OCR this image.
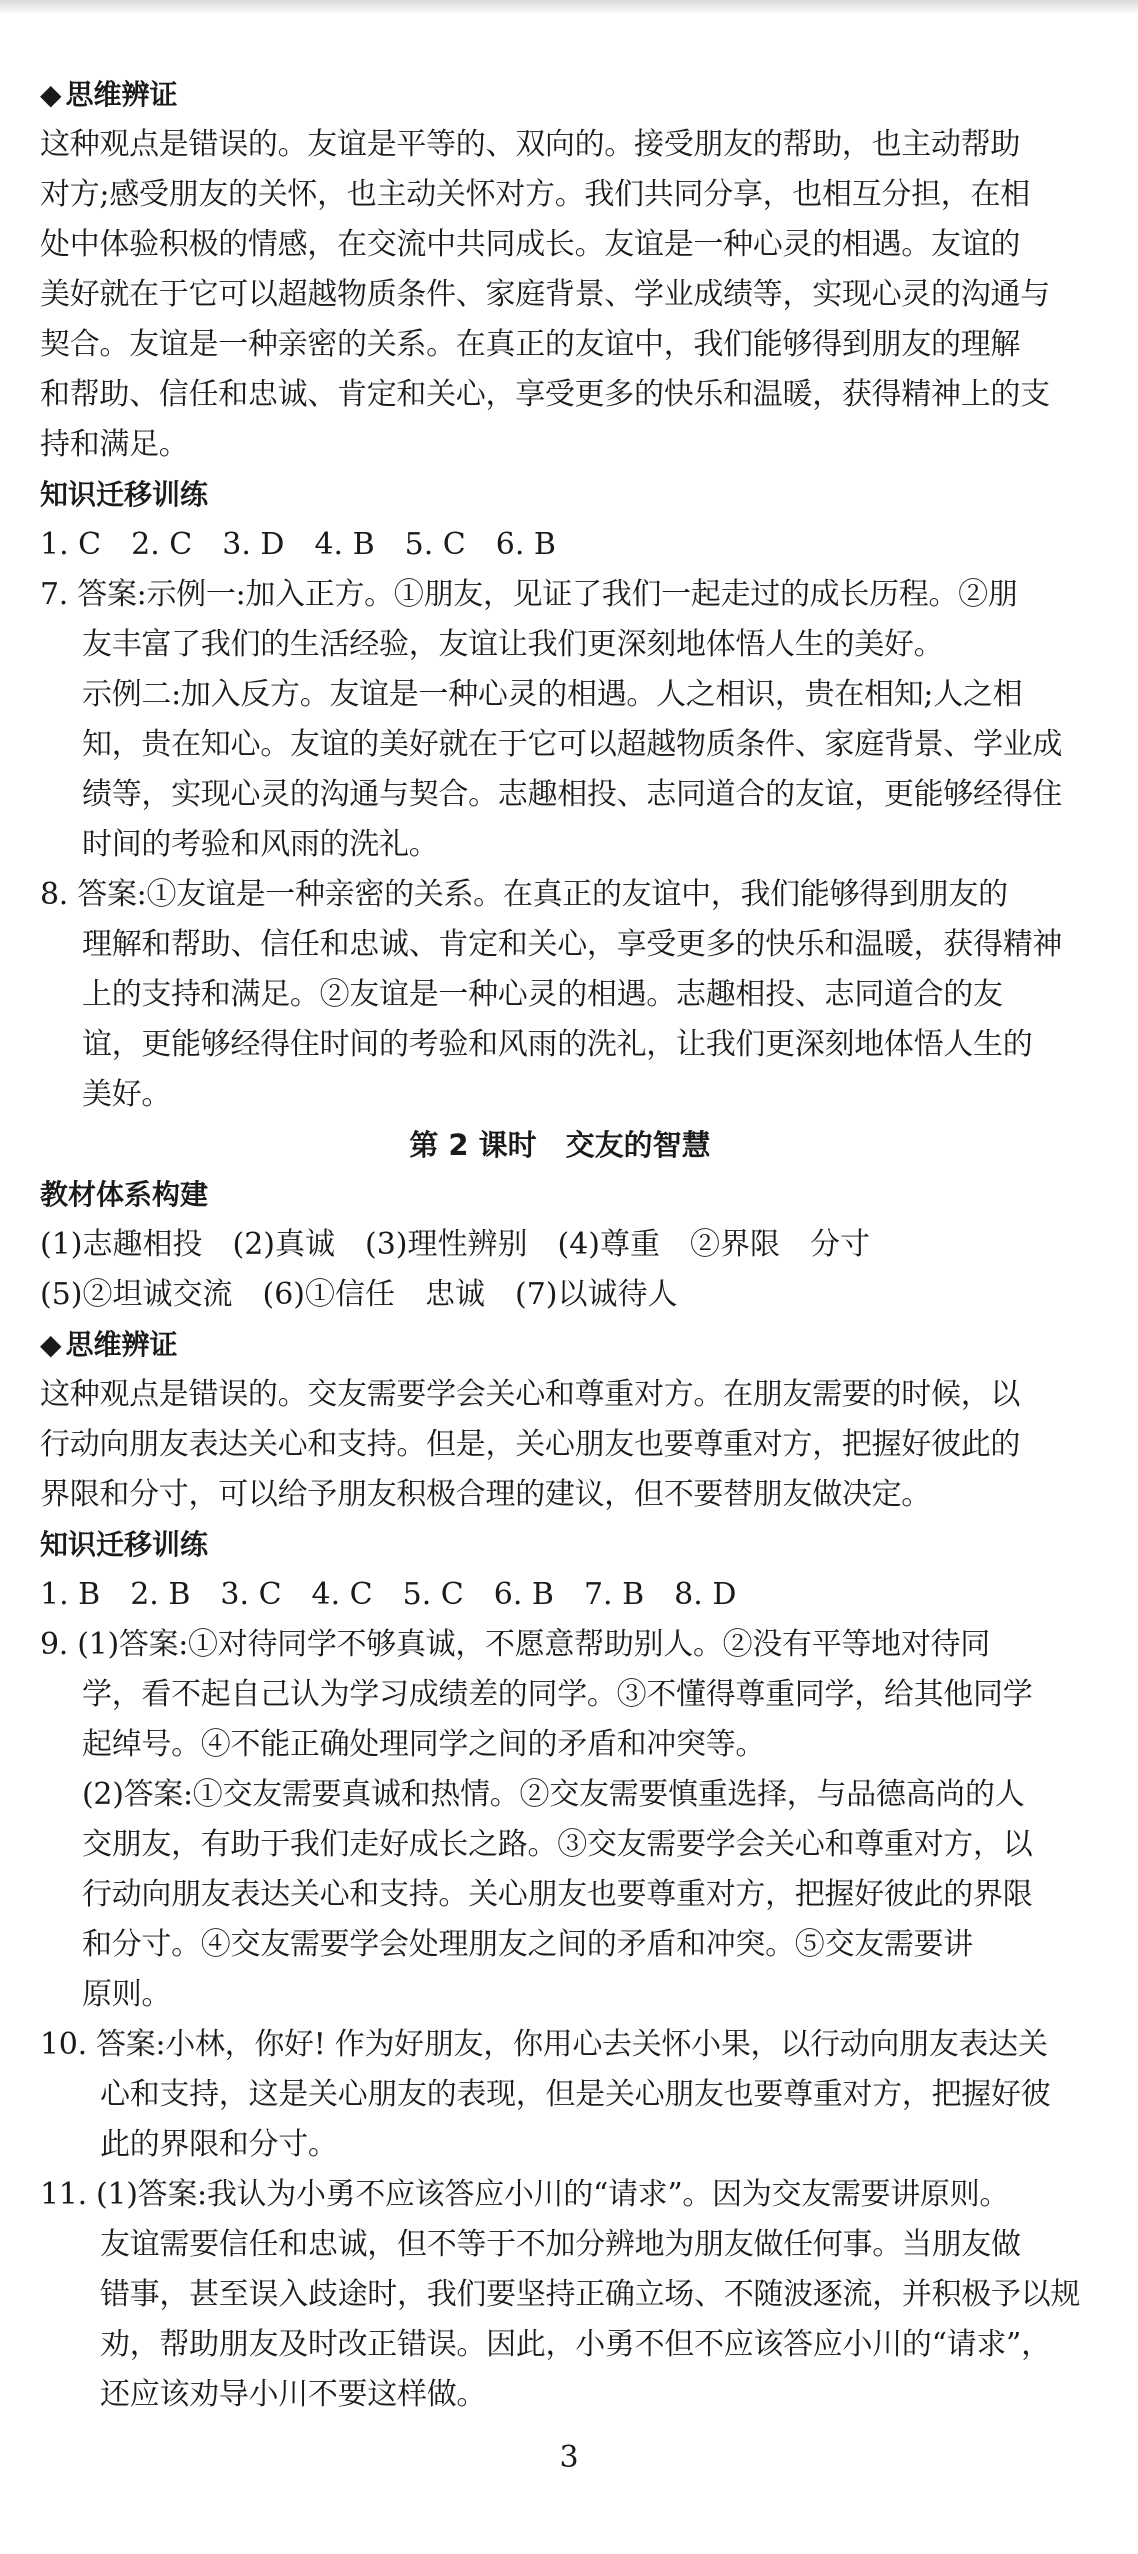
◆ 思维辨证
这种观点是错误的。友谊是平等的、双向的。接受朋友的帮助，也主动帮助
对方;感受朋友的关怀，也主动关怀对方。我们共同分享，也相互分担，在相
处中体验积极的情感，在交流中共同成长。友谊是一种心灵的相遇。友谊的
美好就在于它可以超越物质条件、家庭背景、学业成绩等，实现心灵的沟通与
契合。友谊是一种亲密的关系。在真正的友谊中，我们能够得到朋友的理解
和帮助、信任和忠诚、肯定和关心，享受更多的快乐和温暖，获得精神上的支
持和满足。
知识迁移训练
1. C　2. C　3. D　4. B　5. C　6. B
7. 答案:示例一:加入正方。①朋友，见证了我们一起走过的成长历程。②朋
友丰富了我们的生活经验，友谊让我们更深刻地体悟人生的美好。
示例二:加入反方。友谊是一种心灵的相遇。人之相识，贵在相知;人之相
知，贵在知心。友谊的美好就在于它可以超越物质条件、家庭背景、学业成
绩等，实现心灵的沟通与契合。志趣相投、志同道合的友谊，更能够经得住
时间的考验和风雨的洗礼。
8. 答案:①友谊是一种亲密的关系。在真正的友谊中，我们能够得到朋友的
理解和帮助、信任和忠诚、肯定和关心，享受更多的快乐和温暖，获得精神
上的支持和满足。②友谊是一种心灵的相遇。志趣相投、志同道合的友
谊，更能够经得住时间的考验和风雨的洗礼，让我们更深刻地体悟人生的
美好。
第 2 课时　交友的智慧
教材体系构建
(1)志趣相投　(2)真诚　(3)理性辨别　(4)尊重　②界限　分寸
(5)②坦诚交流　(6)①信任　忠诚　(7)以诚待人
◆ 思维辨证
这种观点是错误的。交友需要学会关心和尊重对方。在朋友需要的时候，以
行动向朋友表达关心和支持。但是，关心朋友也要尊重对方，把握好彼此的
界限和分寸，可以给予朋友积极合理的建议，但不要替朋友做决定。
知识迁移训练
1. B　2. B　3. C　4. C　5. C　6. B　7. B　8. D
9. (1)答案:①对待同学不够真诚，不愿意帮助别人。②没有平等地对待同
学，看不起自己认为学习成绩差的同学。③不懂得尊重同学，给其他同学
起绰号。④不能正确处理同学之间的矛盾和冲突等。
(2)答案:①交友需要真诚和热情。②交友需要慎重选择，与品德高尚的人
交朋友，有助于我们走好成长之路。③交友需要学会关心和尊重对方，以
行动向朋友表达关心和支持。关心朋友也要尊重对方，把握好彼此的界限
和分寸。④交友需要学会处理朋友之间的矛盾和冲突。⑤交友需要讲
原则。
10. 答案:小林，你好! 作为好朋友，你用心去关怀小果，以行动向朋友表达关
心和支持，这是关心朋友的表现，但是关心朋友也要尊重对方，把握好彼
此的界限和分寸。
11. (1)答案:我认为小勇不应该答应小川的“请求”。因为交友需要讲原则。
友谊需要信任和忠诚，但不等于不加分辨地为朋友做任何事。当朋友做
错事，甚至误入歧途时，我们要坚持正确立场、不随波逐流，并积极予以规
劝，帮助朋友及时改正错误。因此，小勇不但不应该答应小川的“请求”，
还应该劝导小川不要这样做。
3
